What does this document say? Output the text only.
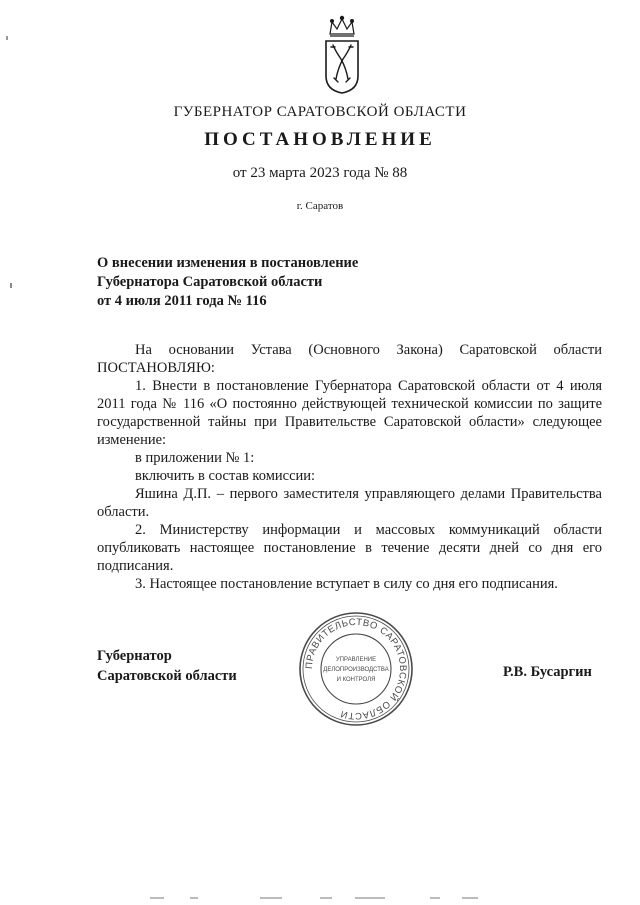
ГУБЕРНАТОР САРАТОВСКОЙ ОБЛАСТИ
ПОСТАНОВЛЕНИЕ
от 23 марта 2023 года № 88
г. Саратов
О внесении изменения в постановление
Губернатора Саратовской области
от 4 июля 2011 года № 116
На основании Устава (Основного Закона) Саратовской области
ПОСТАНОВЛЯЮ:
1. Внести в постановление Губернатора Саратовской области от 4 июля
2011 года № 116 «О постоянно действующей технической комиссии по защите
государственной тайны при Правительстве Саратовской области» следующее
изменение:
в приложении № 1:
включить в состав комиссии:
Яшина Д.П. – первого заместителя управляющего делами Правительства
области.
2. Министерству информации и массовых коммуникаций области
опубликовать настоящее постановление в течение десяти дней со дня его
подписания.
3. Настоящее постановление вступает в силу со дня его подписания.
Губернатор
Саратовской области	Р.В. Бусаргин
ПРАВИТЕЛЬСТВО САРАТОВСКОЙ ОБЛАСТИ
УПРАВЛЕНИЕ
ДЕЛОПРОИЗВОДСТВА
И КОНТРОЛЯ
